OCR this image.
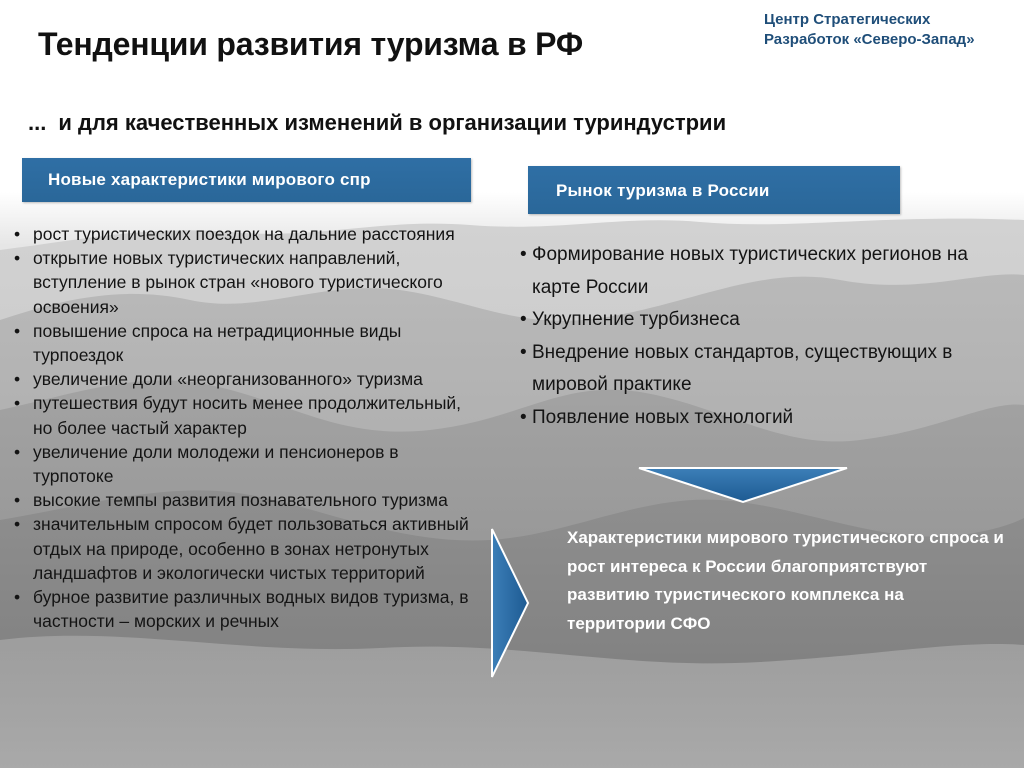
Тенденции развития туризма в РФ
Центр Стратегических
Разработок «Северо-Запад»
... и для качественных изменений в организации туриндустрии
Новые характеристики мирового спр
Рынок туризма в России
• рост туристических поездок на дальние расстояния
• открытие новых туристических направлений, вступление в рынок стран «нового туристического освоения»
• повышение спроса на нетрадиционные виды турпоездок
• увеличение доли «неорганизованного» туризма
• путешествия будут носить менее продолжительный, но более частый характер
• увеличение доли молодежи и пенсионеров в турпотоке
• высокие темпы развития познавательного туризма
• значительным спросом будет пользоваться активный отдых на природе, особенно в зонах нетронутых ландшафтов и экологически чистых территорий
• бурное развитие различных водных видов туризма, в частности – морских и речных
• Формирование новых туристических регионов на карте России
• Укрупнение турбизнеса
• Внедрение новых стандартов, существующих в мировой практике
• Появление новых технологий
Характеристики мирового туристического спроса и рост интереса к России благоприятствуют развитию туристического комплекса на территории СФО
